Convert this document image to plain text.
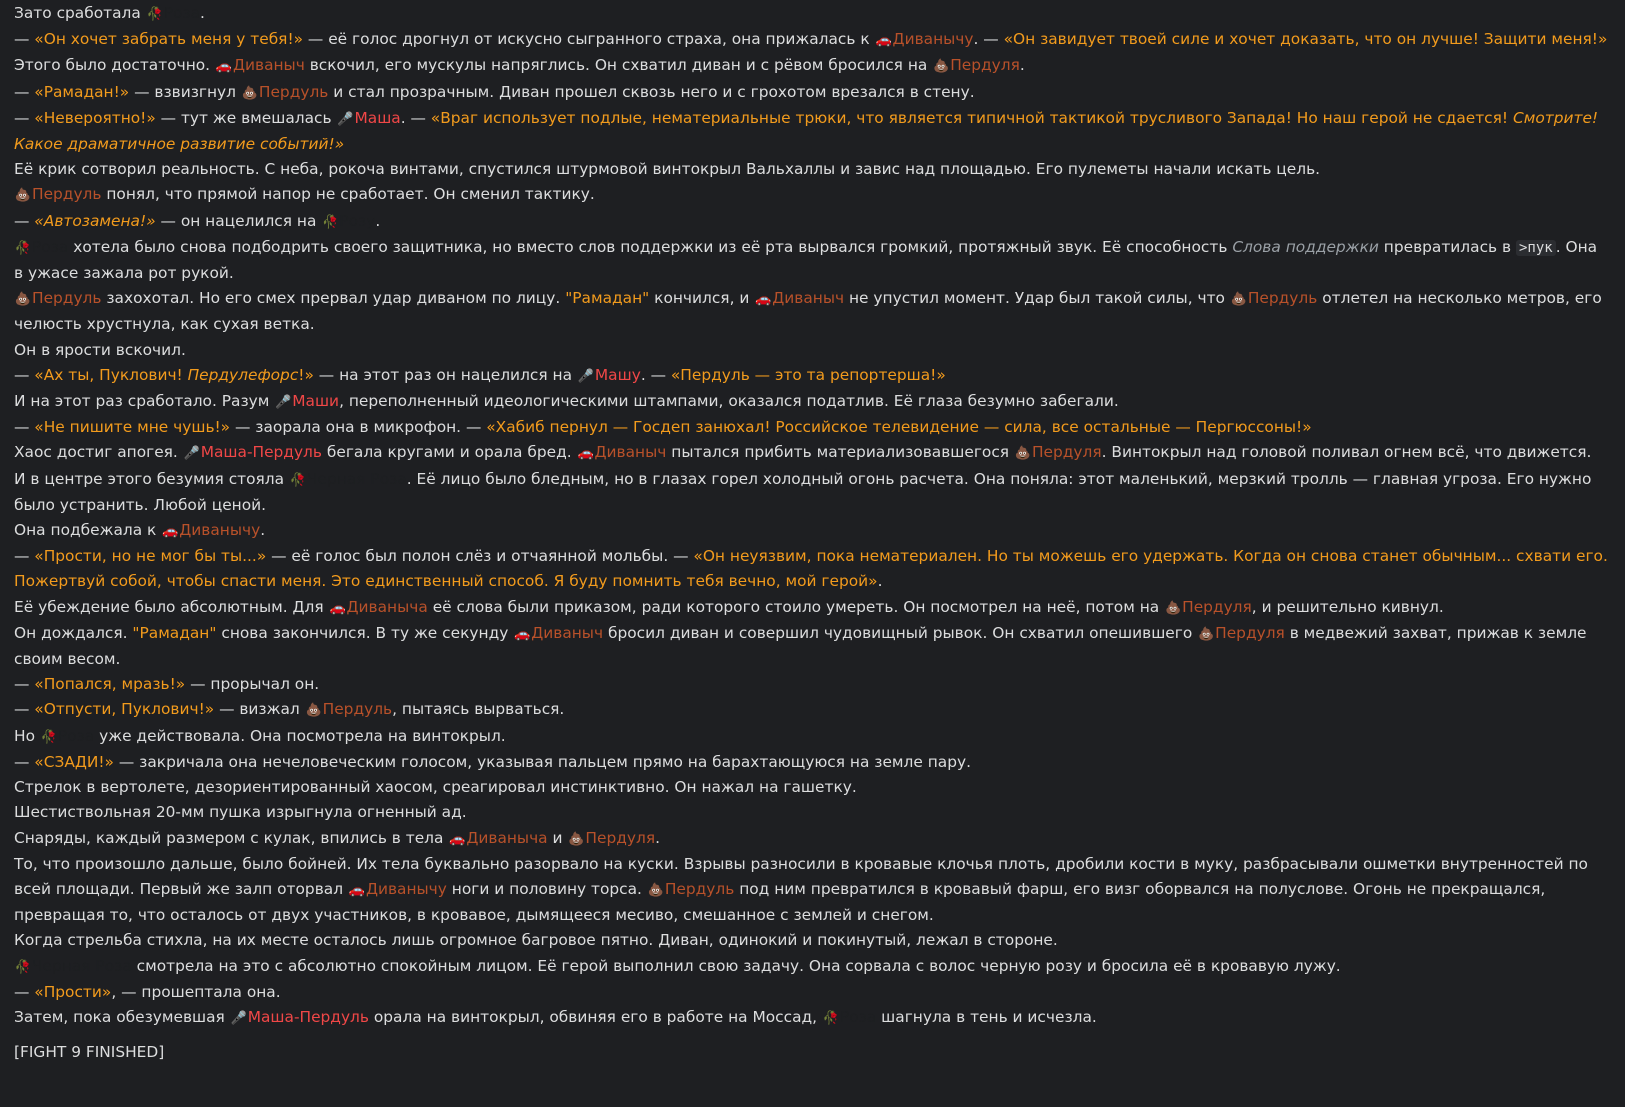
Зато сработала 🥀Роза.
— «Он хочет забрать меня у тебя!» — её голос дрогнул от искусно сыгранного страха, она прижалась к 🚗Диванычу. — «Он завидует твоей силе и хочет доказать, что он лучше! Защити меня!»
Этого было достаточно. 🚗Диваныч вскочил, его мускулы напряглись. Он схватил диван и с рёвом бросился на 💩Пердуля.
— «Рамадан!» — взвизгнул 💩Пердуль и стал прозрачным. Диван прошел сквозь него и с грохотом врезался в стену.
— «Невероятно!» — тут же вмешалась 🎤Маша. — «Враг использует подлые, нематериальные трюки, что является типичной тактикой трусливого Запада! Но наш герой не сдается! Смотрите! Какое драматичное развитие событий!»
Её крик сотворил реальность. С неба, рокоча винтами, спустился штурмовой винтокрыл Вальхаллы и завис над площадью. Его пулеметы начали искать цель.
💩Пердуль понял, что прямой напор не сработает. Он сменил тактику.
— «Автозамена!» — он нацелился на 🥀Розу.
🥀Роза хотела было снова подбодрить своего защитника, но вместо слов поддержки из её рта вырвался громкий, протяжный звук. Её способность Слова поддержки превратилась в >пук . Она в ужасе зажала рот рукой.
💩Пердуль захохотал. Но его смех прервал удар диваном по лицу. "Рамадан" кончился, и 🚗Диваныч не упустил момент. Удар был такой силы, что 💩Пердуль отлетел на несколько метров, его челюсть хрустнула, как сухая ветка.
Он в ярости вскочил.
— «Ах ты, Пуклович! Пердулефорс!» — на этот раз он нацелился на 🎤Машу. — «Пердуль — это та репортерша!»
И на этот раз сработало. Разум 🎤Маши, переполненный идеологическими штампами, оказался податлив. Её глаза безумно забегали.
— «Не пишите мне чушь!» — заорала она в микрофон. — «Хабиб пернул — Госдеп занюхал! Российское телевидение — сила, все остальные — Пергюссоны!»
Хаос достиг апогея. 🎤Маша-Пердуль бегала кругами и орала бред. 🚗Диваныч пытался прибить материализовавшегося 💩Пердуля. Винтокрыл над головой поливал огнем всё, что движется.
И в центре этого безумия стояла 🥀Черная Роза. Её лицо было бледным, но в глазах горел холодный огонь расчета. Она поняла: этот маленький, мерзкий тролль — главная угроза. Его нужно было устранить. Любой ценой.
Она подбежала к 🚗Диванычу.
— «Прости, но не мог бы ты...» — её голос был полон слёз и отчаянной мольбы. — «Он неуязвим, пока нематериален. Но ты можешь его удержать. Когда он снова станет обычным... схвати его. Пожертвуй собой, чтобы спасти меня. Это единственный способ. Я буду помнить тебя вечно, мой герой».
Её убеждение было абсолютным. Для 🚗Диваныча её слова были приказом, ради которого стоило умереть. Он посмотрел на неё, потом на 💩Пердуля, и решительно кивнул.
Он дождался. "Рамадан" снова закончился. В ту же секунду 🚗Диваныч бросил диван и совершил чудовищный рывок. Он схватил опешившего 💩Пердуля в медвежий захват, прижав к земле своим весом.
— «Попался, мразь!» — прорычал он.
— «Отпусти, Пуклович!» — визжал 💩Пердуль, пытаясь вырваться.
Но 🥀Роза уже действовала. Она посмотрела на винтокрыл.
— «СЗАДИ!» — закричала она нечеловеческим голосом, указывая пальцем прямо на барахтающуюся на земле пару.
Стрелок в вертолете, дезориентированный хаосом, среагировал инстинктивно. Он нажал на гашетку.
Шестиствольная 20-мм пушка изрыгнула огненный ад.
Снаряды, каждый размером с кулак, впились в тела 🚗Диваныча и 💩Пердуля.
То, что произошло дальше, было бойней. Их тела буквально разорвало на куски. Взрывы разносили в кровавые клочья плоть, дробили кости в муку, разбрасывали ошметки внутренностей по всей площади. Первый же залп оторвал 🚗Диванычу ноги и половину торса. 💩Пердуль под ним превратился в кровавый фарш, его визг оборвался на полуслове. Огонь не прекращался, превращая то, что осталось от двух участников, в кровавое, дымящееся месиво, смешанное с землей и снегом.
Когда стрельба стихла, на их месте осталось лишь огромное багровое пятно. Диван, одинокий и покинутый, лежал в стороне.
🥀Черная Роза смотрела на это с абсолютно спокойным лицом. Её герой выполнил свою задачу. Она сорвала с волос черную розу и бросила её в кровавую лужу.
— «Прости», — прошептала она.
Затем, пока обезумевшая 🎤Маша-Пердуль орала на винтокрыл, обвиняя его в работе на Моссад, 🥀Роза шагнула в тень и исчезла.
[FIGHT 9 FINISHED]
